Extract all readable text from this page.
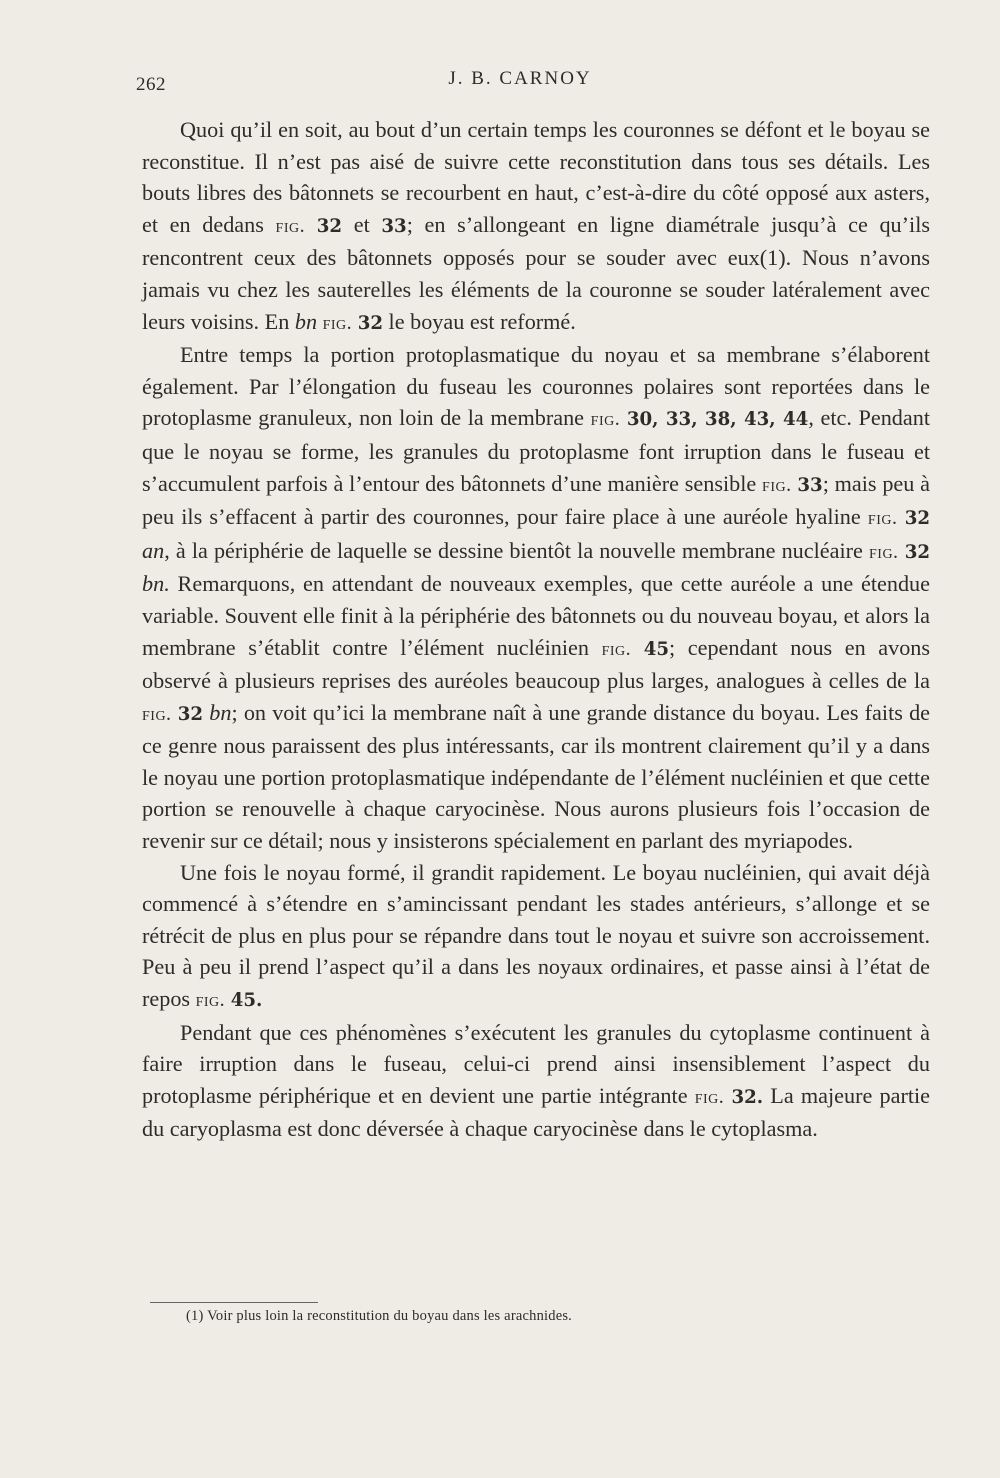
262	J. B. CARNOY

Quoi qu’il en soit, au bout d’un certain temps les couronnes se défont et le boyau se reconstitue. Il n’est pas aisé de suivre cette reconstitution dans tous ses détails. Les bouts libres des bâtonnets se recourbent en haut, c’est-à-dire du côté opposé aux asters, et en dedans fig. 32 et 33; en s’allongeant en ligne diamétrale jusqu’à ce qu’ils rencontrent ceux des bâtonnets opposés pour se souder avec eux(1). Nous n’avons jamais vu chez les sauterelles les éléments de la couronne se souder latéralement avec leurs voisins. En bn fig. 32 le boyau est reformé.

Entre temps la portion protoplasmatique du noyau et sa membrane s’élaborent également. Par l’élongation du fuseau les couronnes polaires sont reportées dans le protoplasme granuleux, non loin de la membrane fig. 30, 33, 38, 43, 44, etc. Pendant que le noyau se forme, les granules du protoplasme font irruption dans le fuseau et s’accumulent parfois à l’entour des bâtonnets d’une manière sensible fig. 33; mais peu à peu ils s’effacent à partir des couronnes, pour faire place à une auréole hyaline fig. 32 an, à la périphérie de laquelle se dessine bientôt la nouvelle membrane nucléaire fig. 32 bn. Remarquons, en attendant de nouveaux exemples, que cette auréole a une étendue variable. Souvent elle finit à la périphérie des bâtonnets ou du nouveau boyau, et alors la membrane s’établit contre l’élément nucléinien fig. 45; cependant nous en avons observé à plusieurs reprises des auréoles beaucoup plus larges, analogues à celles de la fig. 32 bn; on voit qu’ici la membrane naît à une grande distance du boyau. Les faits de ce genre nous paraissent des plus intéressants, car ils montrent clairement qu’il y a dans le noyau une portion protoplasmatique indépendante de l’élément nucléinien et que cette portion se renouvelle à chaque caryocinèse. Nous aurons plusieurs fois l’occasion de revenir sur ce détail; nous y insisterons spécialement en parlant des myriapodes.

Une fois le noyau formé, il grandit rapidement. Le boyau nucléinien, qui avait déjà commencé à s’étendre en s’amincissant pendant les stades antérieurs, s’allonge et se rétrécit de plus en plus pour se répandre dans tout le noyau et suivre son accroissement. Peu à peu il prend l’aspect qu’il a dans les noyaux ordinaires, et passe ainsi à l’état de repos fig. 45.

Pendant que ces phénomènes s’exécutent les granules du cytoplasme continuent à faire irruption dans le fuseau, celui-ci prend ainsi insensiblement l’aspect du protoplasme périphérique et en devient une partie intégrante fig. 32. La majeure partie du caryoplasma est donc déversée à chaque caryocinèse dans le cytoplasma.

(1) Voir plus loin la reconstitution du boyau dans les arachnides.
